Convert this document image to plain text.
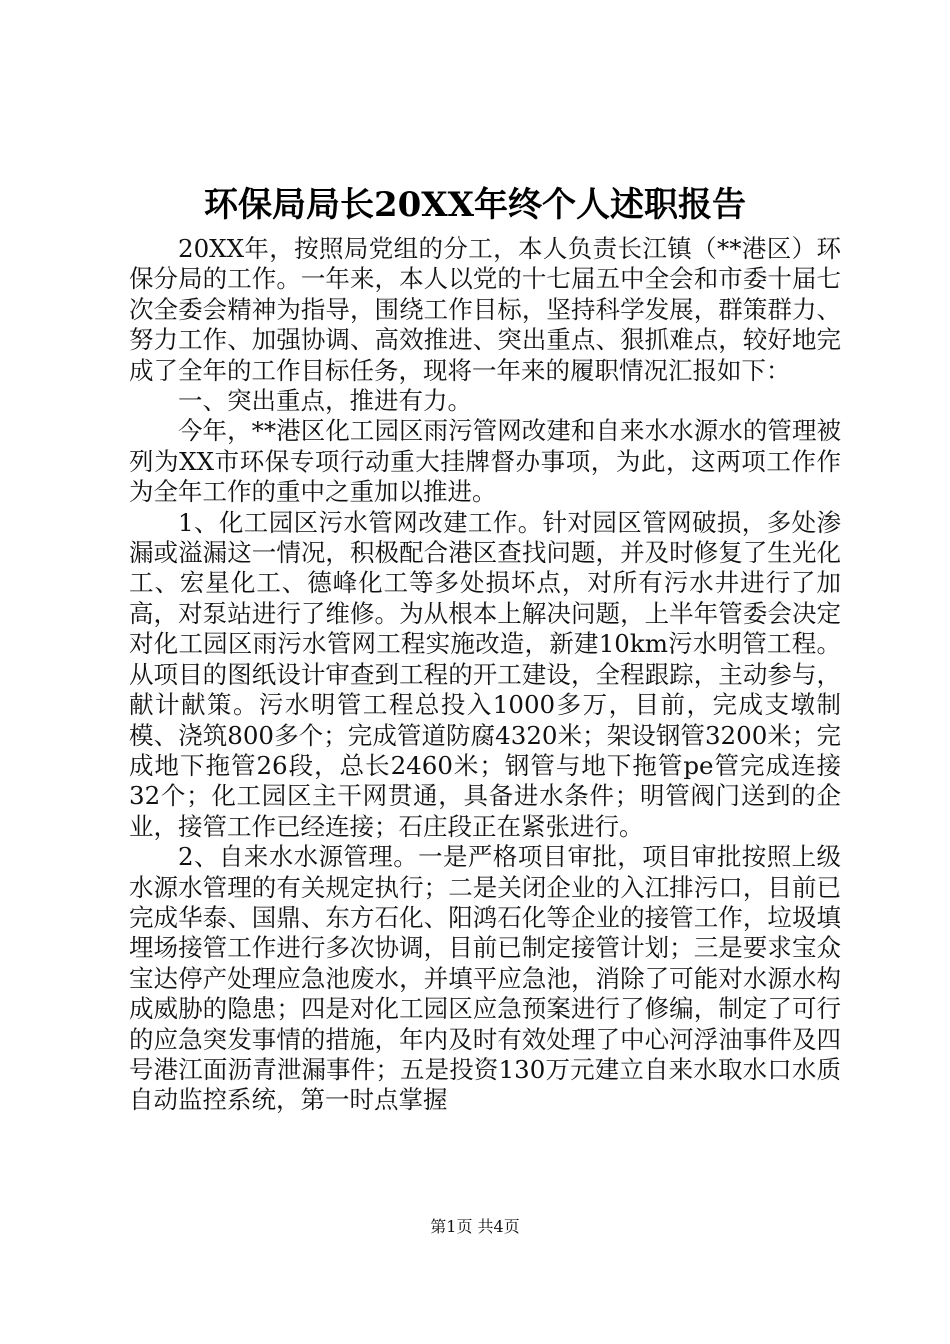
环保局局长20XX年终个人述职报告

20XX年，按照局党组的分工，本人负责长江镇（**港区）环保分局的工作。一年来，本人以党的十七届五中全会和市委十届七次全委会精神为指导，围绕工作目标，坚持科学发展，群策群力、努力工作、加强协调、高效推进、突出重点、狠抓难点，较好地完成了全年的工作目标任务，现将一年来的履职情况汇报如下：

一、突出重点，推进有力。

今年，**港区化工园区雨污管网改建和自来水水源水的管理被列为XX市环保专项行动重大挂牌督办事项，为此，这两项工作作为全年工作的重中之重加以推进。

1、化工园区污水管网改建工作。针对园区管网破损，多处渗漏或溢漏这一情况，积极配合港区查找问题，并及时修复了生光化工、宏星化工、德峰化工等多处损坏点，对所有污水井进行了加高，对泵站进行了维修。为从根本上解决问题，上半年管委会决定对化工园区雨污水管网工程实施改造，新建10km污水明管工程。从项目的图纸设计审查到工程的开工建设，全程跟踪，主动参与，献计献策。污水明管工程总投入1000多万，目前，完成支墩制模、浇筑800多个；完成管道防腐4320米；架设钢管3200米；完成地下拖管26段，总长2460米；钢管与地下拖管pe管完成连接32个；化工园区主干网贯通，具备进水条件；明管阀门送到的企业，接管工作已经连接；石庄段正在紧张进行。

2、自来水水源管理。一是严格项目审批，项目审批按照上级水源水管理的有关规定执行；二是关闭企业的入江排污口，目前已完成华泰、国鼎、东方石化、阳鸿石化等企业的接管工作，垃圾填埋场接管工作进行多次协调，目前已制定接管计划；三是要求宝众宝达停产处理应急池废水，并填平应急池，消除了可能对水源水构成威胁的隐患；四是对化工园区应急预案进行了修编，制定了可行的应急突发事情的措施，年内及时有效处理了中心河浮油事件及四号港江面沥青泄漏事件；五是投资130万元建立自来水取水口水质自动监控系统，第一时点掌握

第1页 共4页
